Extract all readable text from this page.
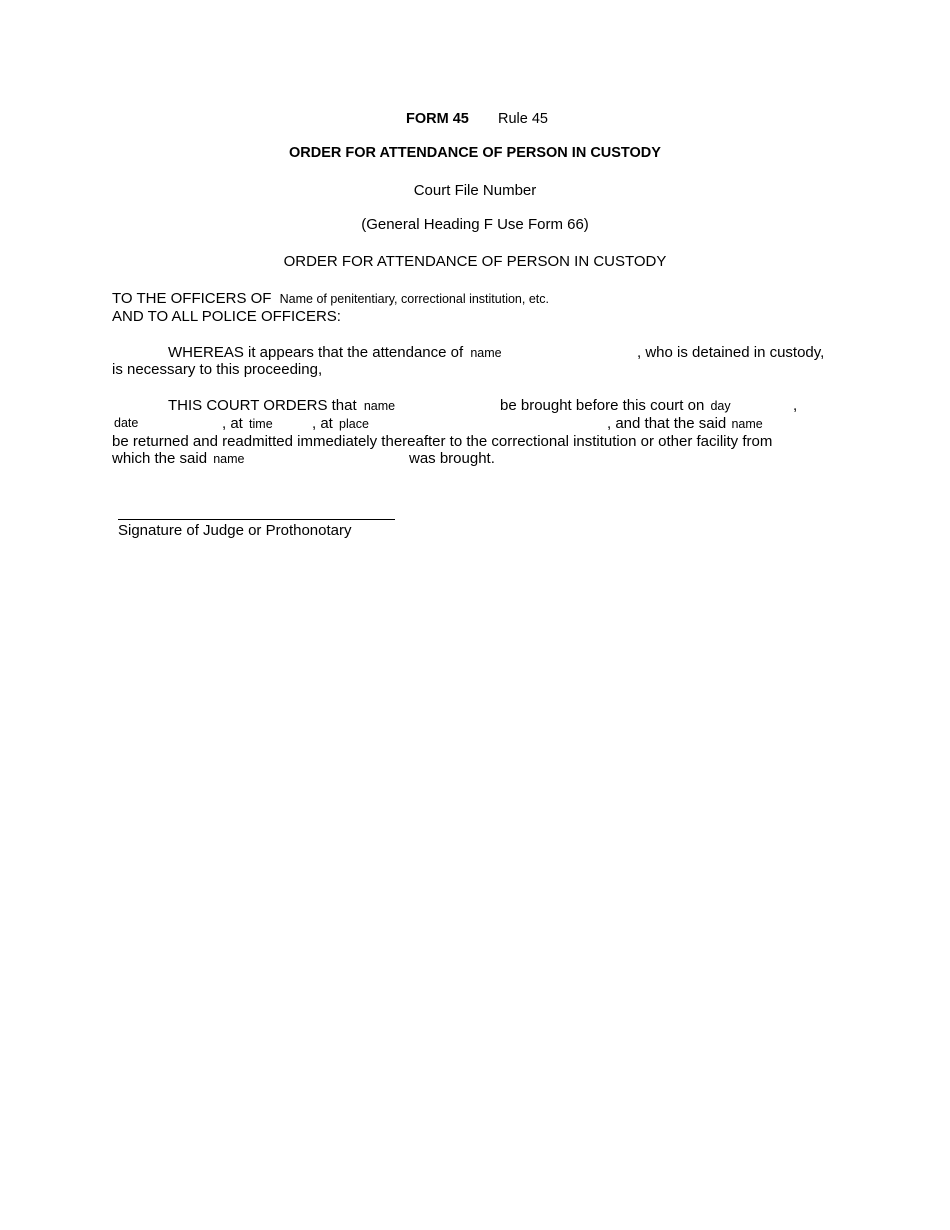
FORM 45 Rule 45
ORDER FOR ATTENDANCE OF PERSON IN CUSTODY
Court File Number
(General Heading F Use Form 66)
ORDER FOR ATTENDANCE OF PERSON IN CUSTODY
TO THE OFFICERS OF Name of penitentiary, correctional institution, etc.
AND TO ALL POLICE OFFICERS:
WHEREAS it appears that the attendance of name	, who is detained in custody,
is necessary to this proceeding,
THIS COURT ORDERS that name	be brought before this court on day	,
date	, at time	, at place	, and that the said name
be returned and readmitted immediately thereafter to the correctional institution or other facility from
which the said name	was brought.
Signature of Judge or Prothonotary
